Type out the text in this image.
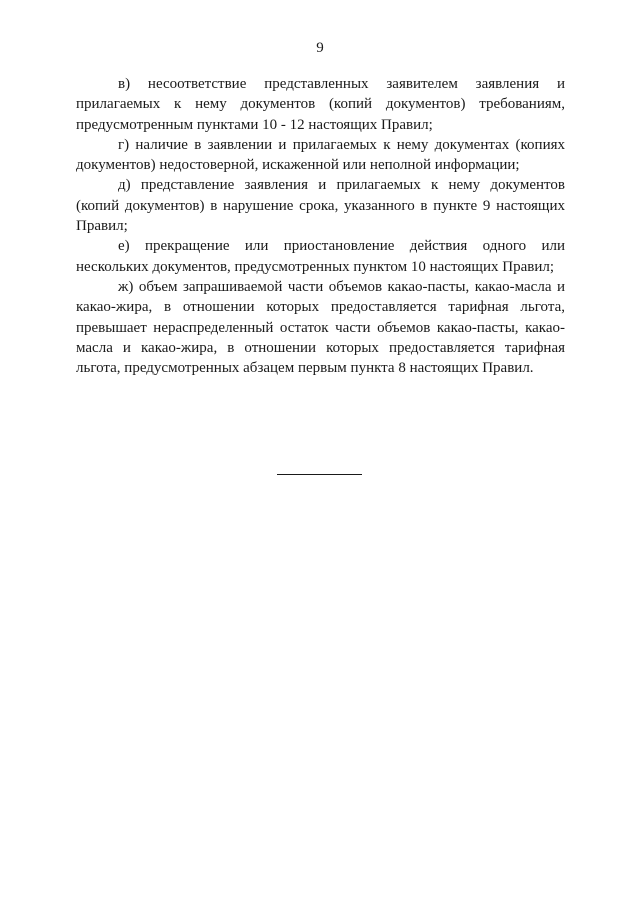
9

в) несоответствие представленных заявителем заявления и прилагаемых к нему документов (копий документов) требованиям, предусмотренным пунктами 10 - 12 настоящих Правил;

г) наличие в заявлении и прилагаемых к нему документах (копиях документов) недостоверной, искаженной или неполной информации;

д) представление заявления и прилагаемых к нему документов (копий документов) в нарушение срока, указанного в пункте 9 настоящих Правил;

е) прекращение или приостановление действия одного или нескольких документов, предусмотренных пунктом 10 настоящих Правил;

ж) объем запрашиваемой части объемов какао-пасты, какао-масла и какао-жира, в отношении которых предоставляется тарифная льгота, превышает нераспределенный остаток части объемов какао-пасты, какао-масла и какао-жира, в отношении которых предоставляется тарифная льгота, предусмотренных абзацем первым пункта 8 настоящих Правил.
